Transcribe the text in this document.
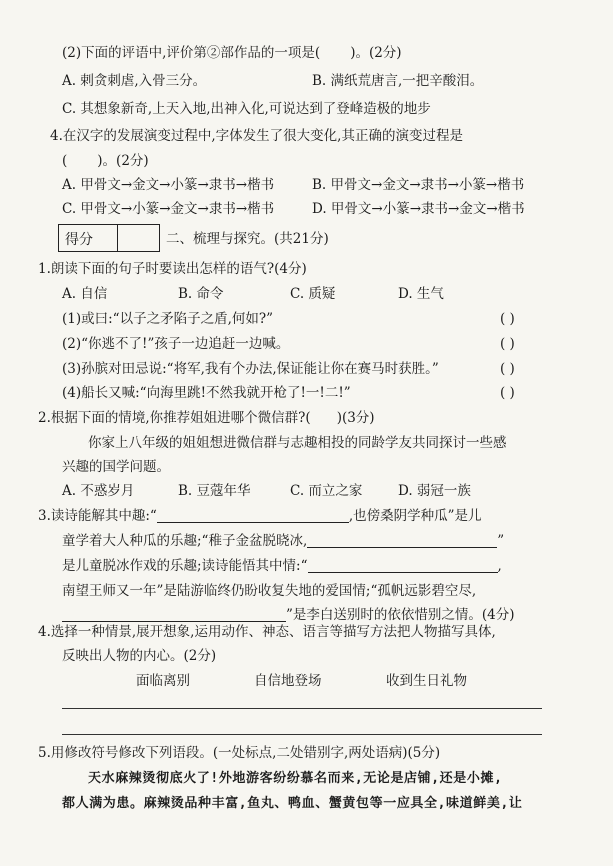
(2)下面的评语中,评价第②部作品的一项是( )。(2分)
A. 剌贪刺虐,入骨三分。	B. 满纸荒唐言,一把辛酸泪。
C. 其想象新奇,上天入地,出神入化,可说达到了登峰造极的地步
4.在汉字的发展演变过程中,字体发生了很大变化,其正确的演变过程是
( )。(2分)
A. 甲骨文→金文→小篆→隶书→楷书	B. 甲骨文→金文→隶书→小篆→楷书
C. 甲骨文→小篆→金文→隶书→楷书	D. 甲骨文→小篆→隶书→金文→楷书
得分	二、梳理与探究。(共21分)
1.朗读下面的句子时要读出怎样的语气?(4分)
A. 自信	B. 命令	C. 质疑	D. 生气
(1)或曰:“以子之矛陷子之盾,何如?”	( )
(2)“你逃不了!”孩子一边追赶一边喊。	( )
(3)孙膑对田忌说:“将军,我有个办法,保证能让你在赛马时获胜。”	( )
(4)船长又喊:“向海里跳!不然我就开枪了!一!二!”	( )
2.根据下面的情境,你推荐姐姐进哪个微信群?( )(3分)
你家上八年级的姐姐想进微信群与志趣相投的同龄学友共同探讨一些感
兴趣的国学问题。
A. 不惑岁月	B. 豆蔻年华	C. 而立之家	D. 弱冠一族
3.读诗能解其中趣:“	,也傍桑阴学种瓜”是儿
童学着大人种瓜的乐趣;“稚子金盆脱晓冰,	”
是儿童脱冰作戏的乐趣;读诗能悟其中情:“	,
南望王师又一年”是陆游临终仍盼收复失地的爱国情;“孤帆远影碧空尽,
”是李白送别时的依依惜别之情。(4分)
4.选择一种情景,展开想象,运用动作、神态、语言等描写方法把人物描写具体,
反映出人物的内心。(2分)
面临离别	自信地登场	收到生日礼物
5.用修改符号修改下列语段。(一处标点,二处错别字,两处语病)(5分)
天水麻辣烫彻底火了!外地游客纷纷慕名而来,无论是店铺,还是小摊,
都人满为患。麻辣烫品种丰富,鱼丸、鸭血、蟹黄包等一应具全,味道鲜美,让
